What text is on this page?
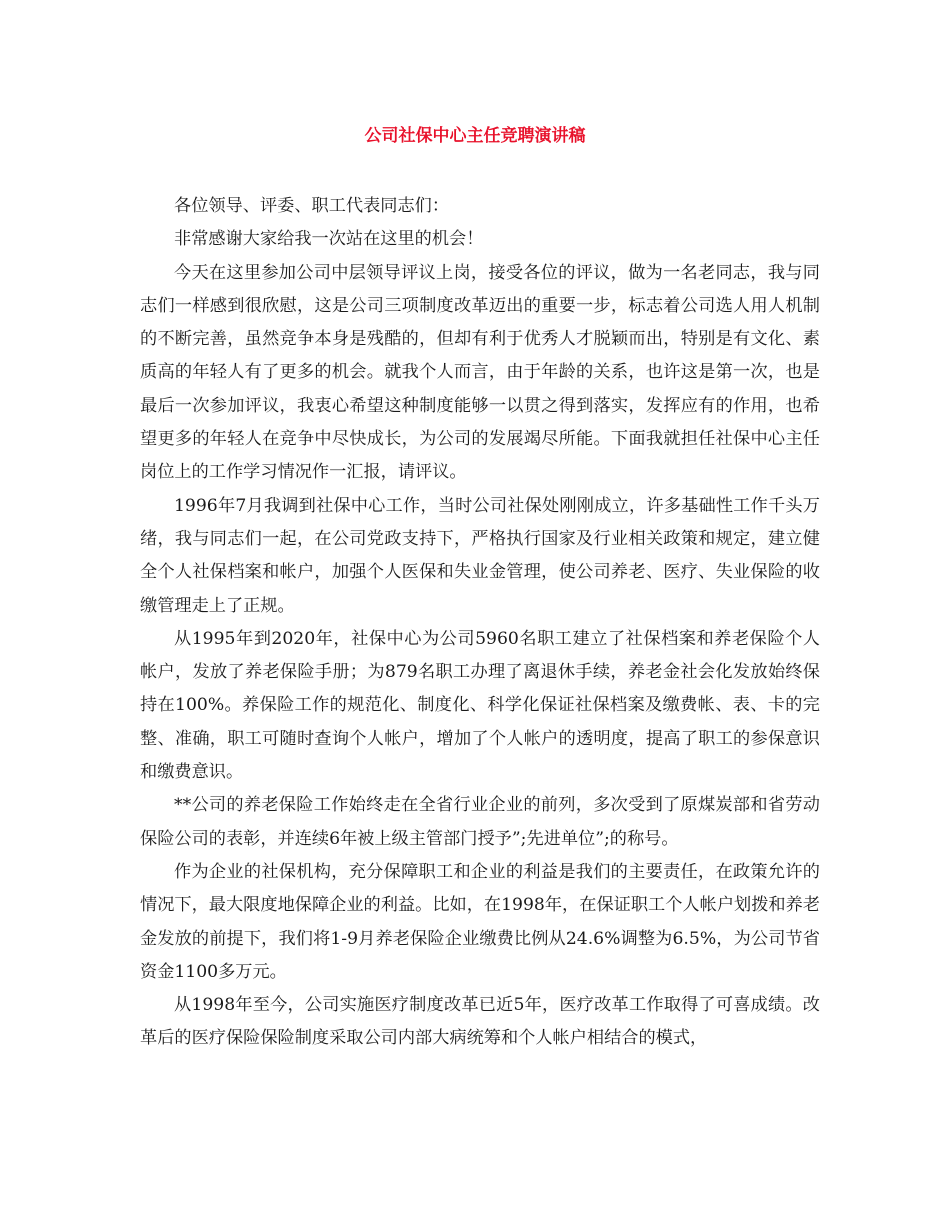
公司社保中心主任竞聘演讲稿

各位领导、评委、职工代表同志们：

非常感谢大家给我一次站在这里的机会！

今天在这里参加公司中层领导评议上岗，接受各位的评议，做为一名老同志，我与同志们一样感到很欣慰，这是公司三项制度改革迈出的重要一步，标志着公司选人用人机制的不断完善，虽然竞争本身是残酷的，但却有利于优秀人才脱颖而出，特别是有文化、素质高的年轻人有了更多的机会。就我个人而言，由于年龄的关系，也许这是第一次，也是最后一次参加评议，我衷心希望这种制度能够一以贯之得到落实，发挥应有的作用，也希望更多的年轻人在竞争中尽快成长，为公司的发展竭尽所能。下面我就担任社保中心主任岗位上的工作学习情况作一汇报，请评议。

1996年7月我调到社保中心工作，当时公司社保处刚刚成立，许多基础性工作千头万绪，我与同志们一起，在公司党政支持下，严格执行国家及行业相关政策和规定，建立健全个人社保档案和帐户，加强个人医保和失业金管理，使公司养老、医疗、失业保险的收缴管理走上了正规。

从1995年到2020年，社保中心为公司5960名职工建立了社保档案和养老保险个人帐户，发放了养老保险手册；为879名职工办理了离退休手续，养老金社会化发放始终保持在100%。养保险工作的规范化、制度化、科学化保证社保档案及缴费帐、表、卡的完整、准确，职工可随时查询个人帐户，增加了个人帐户的透明度，提高了职工的参保意识和缴费意识。

**公司的养老保险工作始终走在全省行业企业的前列，多次受到了原煤炭部和省劳动保险公司的表彰，并连续6年被上级主管部门授予”;先进单位”;的称号。

作为企业的社保机构，充分保障职工和企业的利益是我们的主要责任，在政策允许的情况下，最大限度地保障企业的利益。比如，在1998年，在保证职工个人帐户划拨和养老金发放的前提下，我们将1-9月养老保险企业缴费比例从24.6%调整为6.5%，为公司节省资金1100多万元。

从1998年至今，公司实施医疗制度改革已近5年，医疗改革工作取得了可喜成绩。改革后的医疗保险保险制度采取公司内部大病统筹和个人帐户相结合的模式，
